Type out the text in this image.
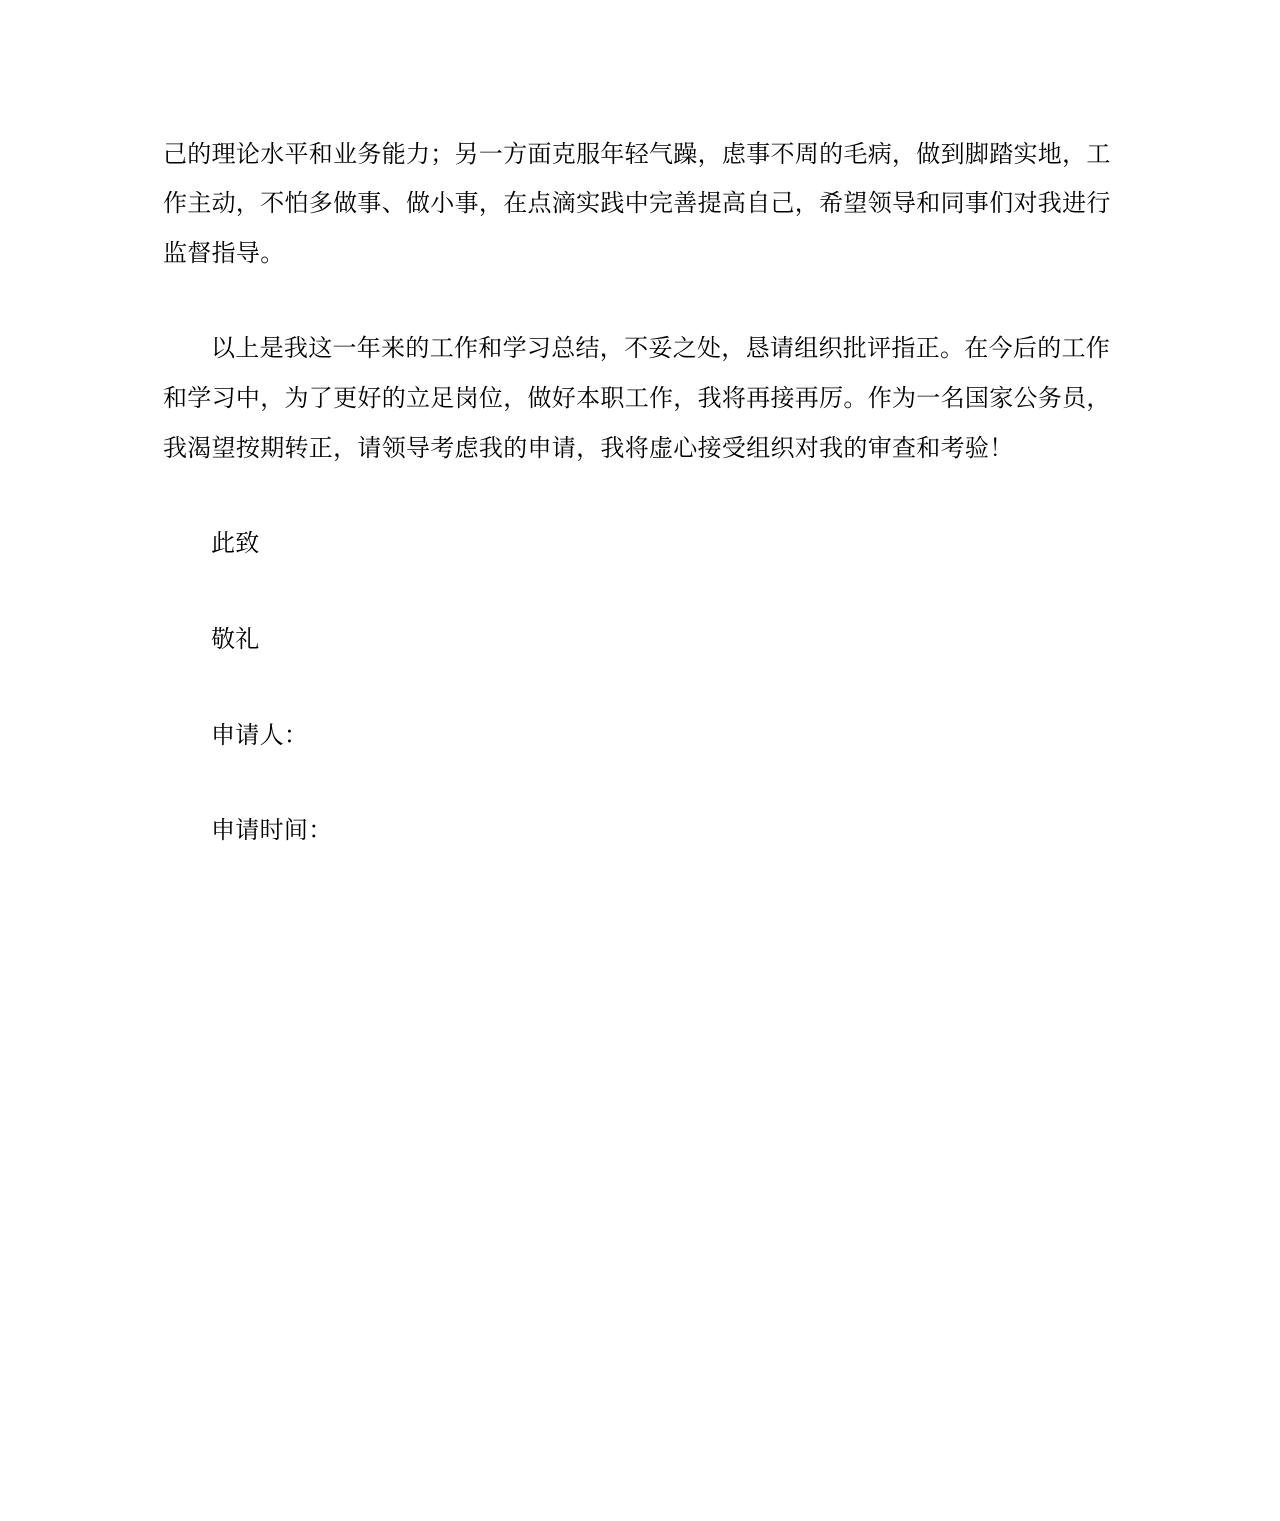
己的理论水平和业务能力；另一方面克服年轻气躁，虑事不周的毛病，做到脚踏实地，工
作主动，不怕多做事、做小事，在点滴实践中完善提高自己，希望领导和同事们对我进行
监督指导。
以上是我这一年来的工作和学习总结，不妥之处，恳请组织批评指正。在今后的工作
和学习中，为了更好的立足岗位，做好本职工作，我将再接再厉。作为一名国家公务员，
我渴望按期转正，请领导考虑我的申请，我将虚心接受组织对我的审查和考验！
此致
敬礼
申请人：
申请时间：
